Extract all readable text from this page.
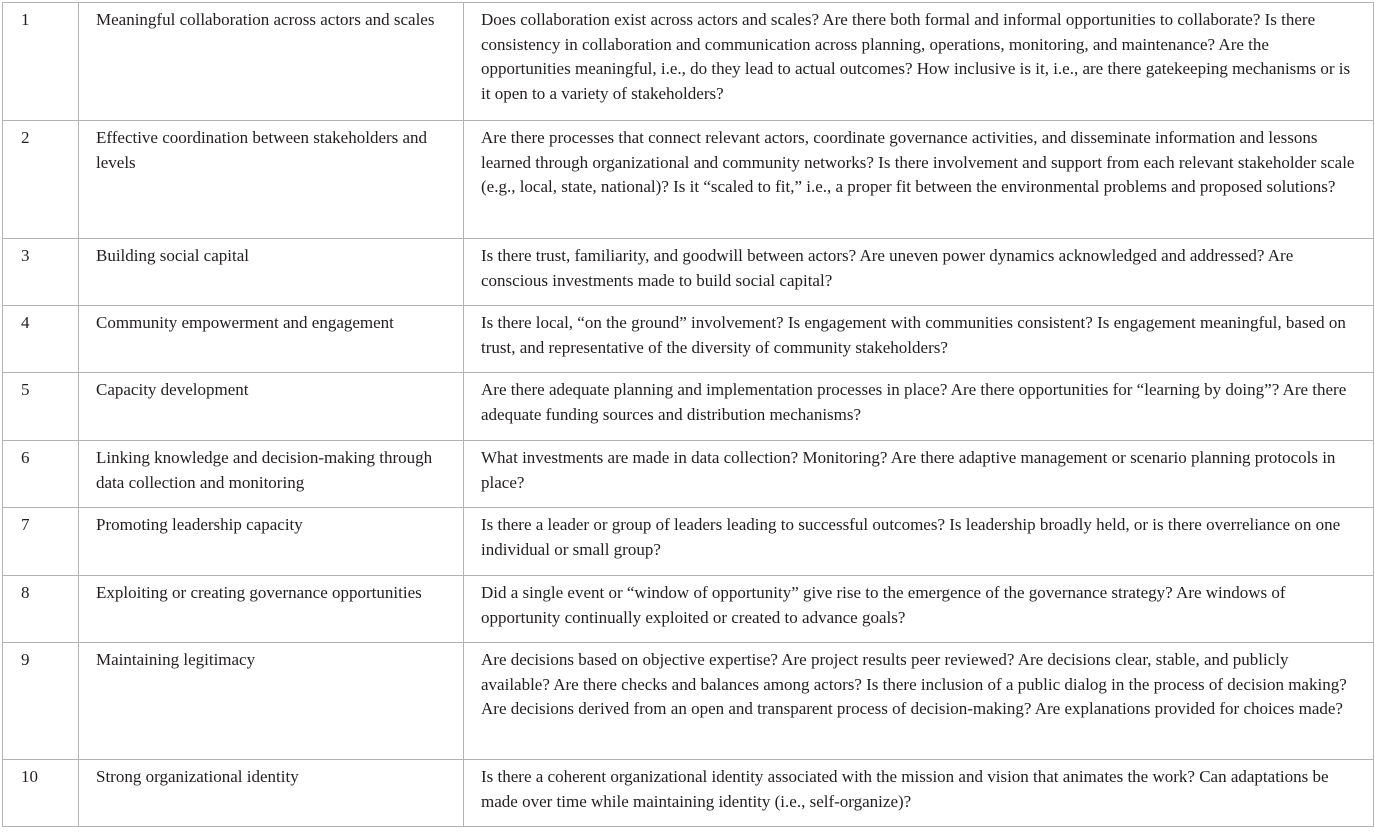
1	Meaningful collaboration across actors and scales	Does collaboration exist across actors and scales? Are there both formal and informal opportunities to collaborate? Is there consistency in collaboration and communication across planning, operations, monitoring, and maintenance? Are the opportunities meaningful, i.e., do they lead to actual outcomes? How inclusive is it, i.e., are there gatekeeping mechanisms or is it open to a variety of stakeholders?
2	Effective coordination between stakeholders and levels	Are there processes that connect relevant actors, coordinate governance activities, and disseminate information and lessons learned through organizational and community networks? Is there involvement and support from each relevant stakeholder scale (e.g., local, state, national)? Is it “scaled to fit,” i.e., a proper fit between the environmental problems and proposed solutions?
3	Building social capital	Is there trust, familiarity, and goodwill between actors? Are uneven power dynamics acknowledged and addressed? Are conscious investments made to build social capital?
4	Community empowerment and engagement	Is there local, “on the ground” involvement? Is engagement with communities consistent? Is engagement meaningful, based on trust, and representative of the diversity of community stakeholders?
5	Capacity development	Are there adequate planning and implementation processes in place? Are there opportunities for “learning by doing”? Are there adequate funding sources and distribution mechanisms?
6	Linking knowledge and decision-making through data collection and monitoring	What investments are made in data collection? Monitoring? Are there adaptive management or scenario planning protocols in place?
7	Promoting leadership capacity	Is there a leader or group of leaders leading to successful outcomes? Is leadership broadly held, or is there overreliance on one individual or small group?
8	Exploiting or creating governance opportunities	Did a single event or “window of opportunity” give rise to the emergence of the governance strategy? Are windows of opportunity continually exploited or created to advance goals?
9	Maintaining legitimacy	Are decisions based on objective expertise? Are project results peer reviewed? Are decisions clear, stable, and publicly available? Are there checks and balances among actors? Is there inclusion of a public dialog in the process of decision making? Are decisions derived from an open and transparent process of decision-making? Are explanations provided for choices made?
10	Strong organizational identity	Is there a coherent organizational identity associated with the mission and vision that animates the work? Can adaptations be made over time while maintaining identity (i.e., self-organize)?
